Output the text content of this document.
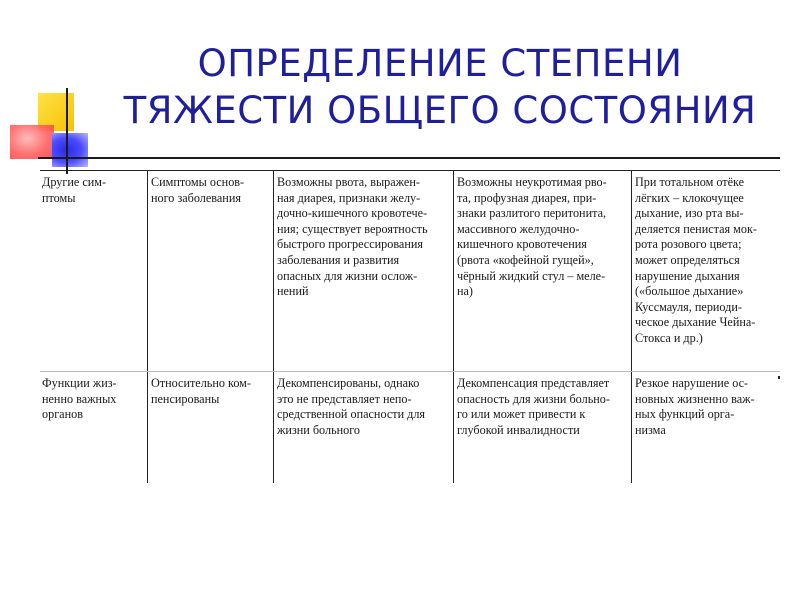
ОПРЕДЕЛЕНИЕ СТЕПЕНИ
ТЯЖЕСТИ ОБЩЕГО СОСТОЯНИЯ
Другие сим-
птомы
Симптомы основ-
ного заболевания
Возможны рвота, выражен-
ная диарея, признаки желу-
дочно-кишечного кровотече-
ния; существует вероятность
быстрого прогрессирования
заболевания и развития
опасных для жизни ослож-
нений
Возможны неукротимая рво-
та, профузная диарея, при-
знаки разлитого перитонита,
массивного желудочно-
кишечного кровотечения
(рвота «кофейной гущей»,
чёрный жидкий стул – меле-
на)
При тотальном отёке
лёгких – клокочущее
дыхание, изо рта вы-
деляется пенистая мок-
рота розового цвета;
может определяться
нарушение дыхания
(«большое дыхание»
Куссмауля, периоди-
ческое дыхание Чейна-
Стокса и др.)
Функции жиз-
ненно важных
органов
Относительно ком-
пенсированы
Декомпенсированы, однако
это не представляет непо-
средственной опасности для
жизни больного
Декомпенсация представляет
опасность для жизни больно-
го или может привести к
глубокой инвалидности
Резкое нарушение ос-
новных жизненно важ-
ных функций орга-
низма
